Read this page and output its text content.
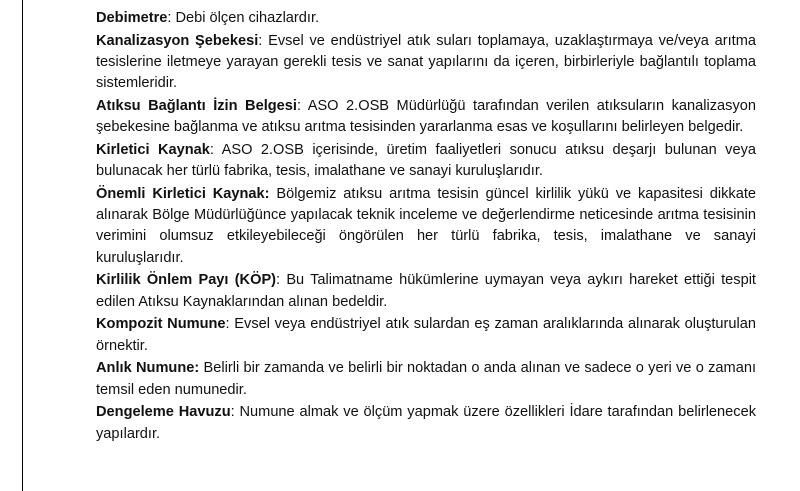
Debimetre: Debi ölçen cihazlardır.

Kanalizasyon Şebekesi: Evsel ve endüstriyel atık suları toplamaya, uzaklaştırmaya ve/veya arıtma tesislerine iletmeye yarayan gerekli tesis ve sanat yapılarını da içeren, birbirleriyle bağlantılı toplama sistemleridir.

Atıksu Bağlantı İzin Belgesi: ASO 2.OSB Müdürlüğü tarafından verilen atıksuların kanalizasyon şebekesine bağlanma ve atıksu arıtma tesisinden yararlanma esas ve koşullarını belirleyen belgedir.

Kirletici Kaynak: ASO 2.OSB içerisinde, üretim faaliyetleri sonucu atıksu deşarjı bulunan veya bulunacak her türlü fabrika, tesis, imalathane ve sanayi kuruluşlarıdır.

Önemli Kirletici Kaynak: Bölgemiz atıksu arıtma tesisin güncel kirlilik yükü ve kapasitesi dikkate alınarak Bölge Müdürlüğünce yapılacak teknik inceleme ve değerlendirme neticesinde arıtma tesisinin verimini olumsuz etkileyebileceği öngörülen her türlü fabrika, tesis, imalathane ve sanayi kuruluşlarıdır.

Kirlilik Önlem Payı (KÖP): Bu Talimatname hükümlerine uymayan veya aykırı hareket ettiği tespit edilen Atıksu Kaynaklarından alınan bedeldir.

Kompozit Numune: Evsel veya endüstriyel atık sulardan eş zaman aralıklarında alınarak oluşturulan örnektir.

Anlık Numune: Belirli bir zamanda ve belirli bir noktadan o anda alınan ve sadece o yeri ve o zamanı temsil eden numunedir.

Dengeleme Havuzu: Numune almak ve ölçüm yapmak üzere özellikleri İdare tarafından belirlenecek yapılardır.
